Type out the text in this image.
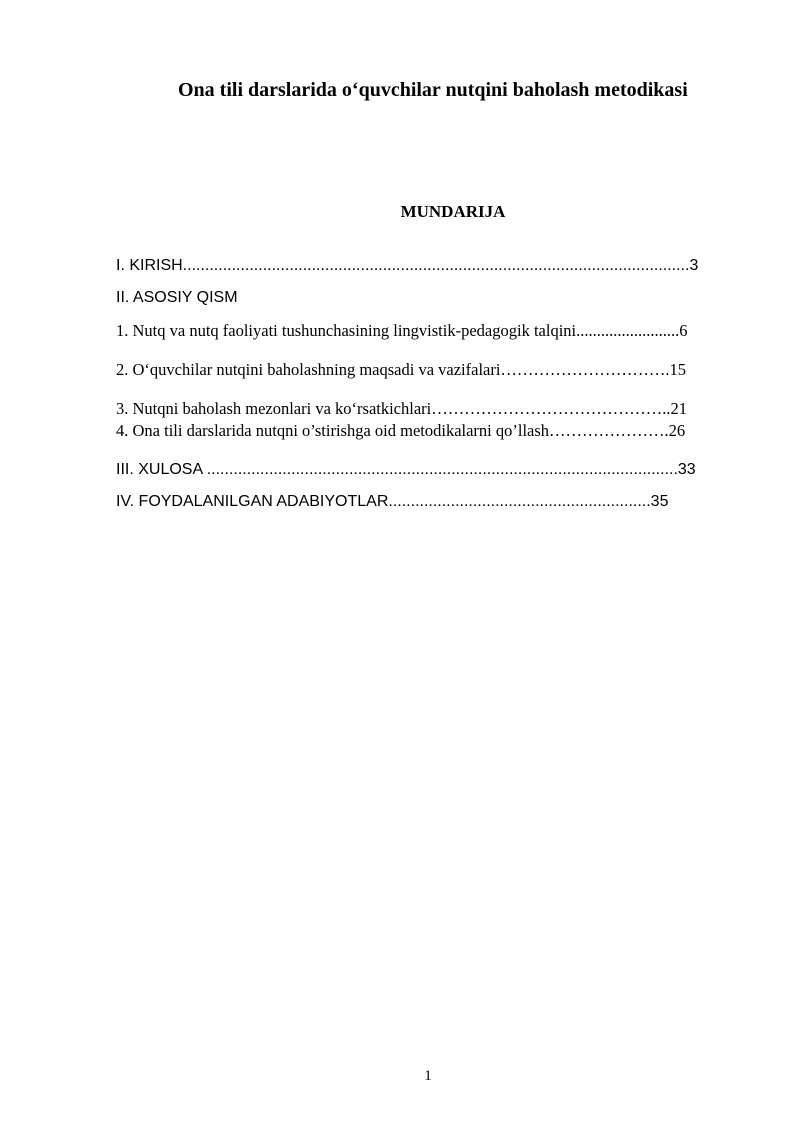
Ona tili darslarida o‘quvchilar nutqini baholash metodikasi
MUNDARIJA

I. KIRISH..................................................................................................................3

II. ASOSIY QISM

1. Nutq va nutq faoliyati tushunchasining lingvistik-pedagogik talqini.........................6

2. O‘quvchilar nutqini baholashning maqsadi va vazifalari………………………….15

3. Nutqni baholash mezonlari va ko‘rsatkichlari……………………………………..21

4. Ona tili darslarida nutqni o’stirishga oid metodikalarni qo’llash………………….26

III. XULOSA ..........................................................................................................33

IV. FOYDALANILGAN ADABIYOTLAR...........................................................35

1
